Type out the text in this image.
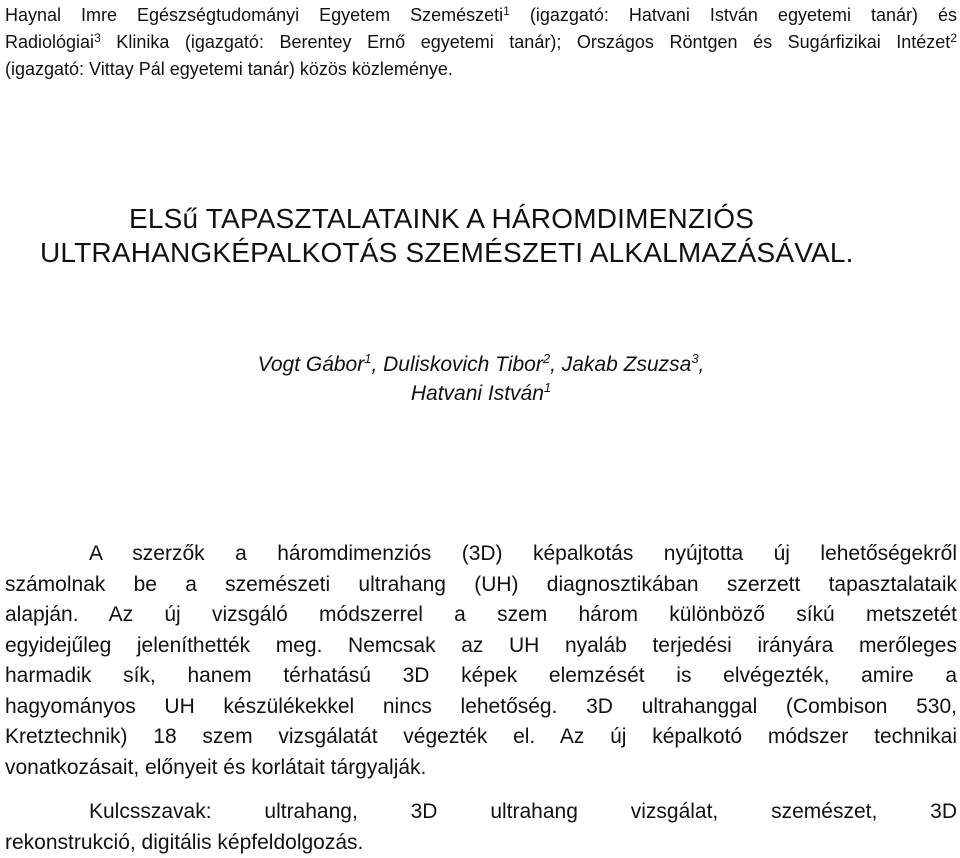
Haynal Imre Egészségtudományi Egyetem Szemészeti$^1$ (igazgató: Hatvani István egyetemi tanár) és
Radiológiai$^3$ Klinika (igazgató: Berentey Ernő egyetemi tanár); Országos Röntgen és Sugárfizikai Intézet$^2$
(igazgató: Vittay Pál egyetemi tanár) közös közleménye.
ELSű TAPASZTALATAINK A HÁROMDIMENZIÓS
ULTRAHANGKÉPALKOTÁS SZEMÉSZETI ALKALMAZÁSÁVAL.
Vogt Gábor$^1$, Duliskovich Tibor$^2$, Jakab Zsuzsa$^3$,
Hatvani István$^1$
A szerzők a háromdimenziós (3D) képalkotás nyújtotta új lehetőségekről
számolnak be a szemészeti ultrahang (UH) diagnosztikában szerzett tapasztalataik
alapján. Az új vizsgáló módszerrel a szem három különböző síkú metszetét
egyidejűleg jeleníthették meg. Nemcsak az UH nyaláb terjedési irányára merőleges
harmadik sík, hanem térhatású 3D képek elemzését is elvégezték, amire a
hagyományos UH készülékekkel nincs lehetőség. 3D ultrahanggal (Combison 530,
Kretztechnik) 18 szem vizsgálatát végezték el. Az új képalkotó módszer technikai
vonatkozásait, előnyeit és korlátait tárgyalják.
Kulcsszavak: ultrahang, 3D ultrahang vizsgálat, szemészet, 3D
rekonstrukció, digitális képfeldolgozás.
